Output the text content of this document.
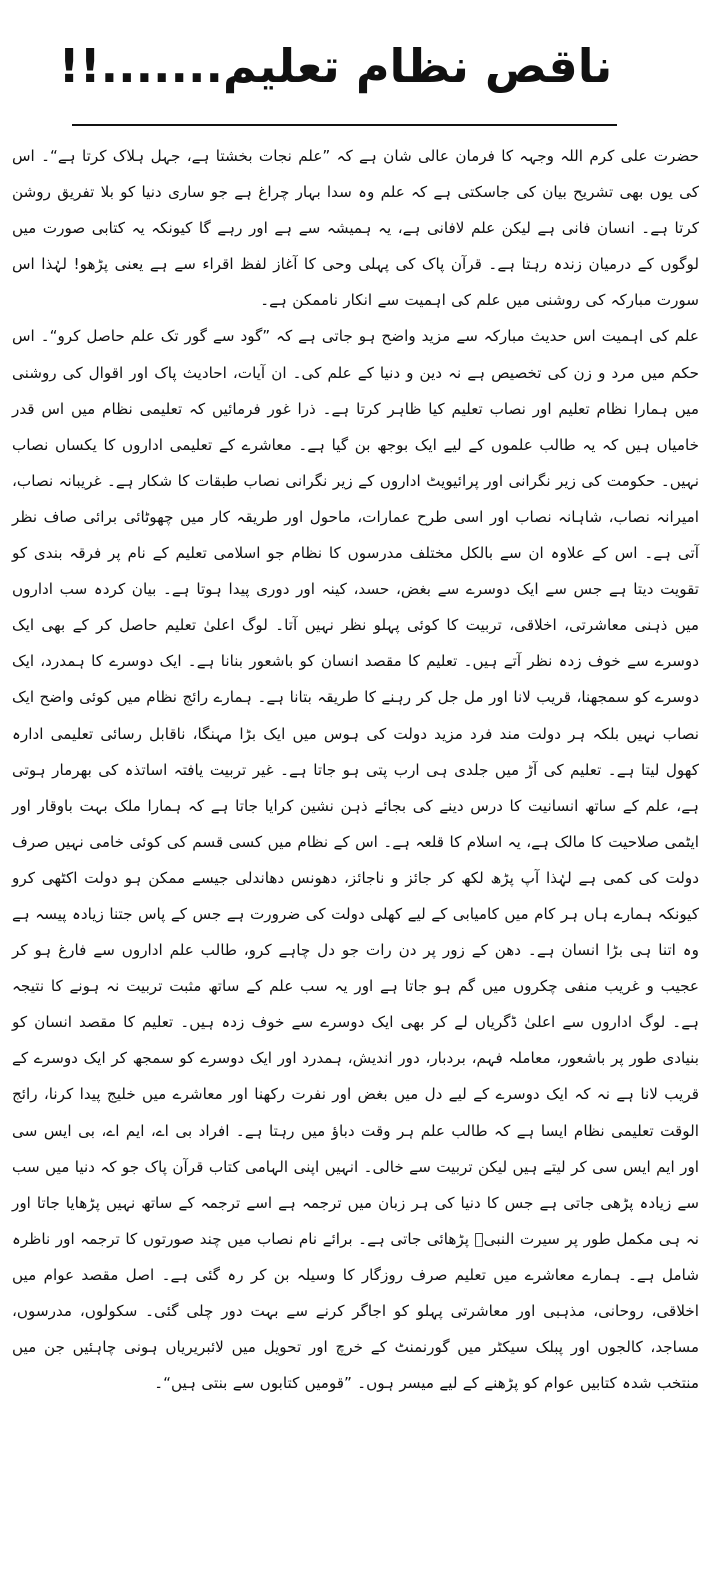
ناقص نظام تعلیم.......!!

حضرت علی کرم اللہ وجہہ کا فرمان عالی شان ہے کہ ”علم نجات بخشتا ہے، جہل ہلاک کرتا ہے“۔ اس کی یوں بھی تشریح بیان کی جاسکتی ہے کہ علم وہ سدا بہار چراغ ہے جو ساری دنیا کو بلا تفریق روشن کرتا ہے۔ انسان فانی ہے لیکن علم لافانی ہے، یہ ہمیشہ سے ہے اور رہے گا کیونکہ یہ کتابی صورت میں لوگوں کے درمیان زندہ رہتا ہے۔ قرآن پاک کی پہلی وحی کا آغاز لفظ اقراء سے ہے یعنی پڑھو! لہٰذا اس سورت مبارکہ کی روشنی میں علم کی اہمیت سے انکار ناممکن ہے۔

علم کی اہمیت اس حدیث مبارکہ سے مزید واضح ہو جاتی ہے کہ ”گود سے گور تک علم حاصل کرو“۔ اس حکم میں مرد و زن کی تخصیص ہے نہ دین و دنیا کے علم کی۔ ان آیات، احادیث پاک اور اقوال کی روشنی میں ہمارا نظام تعلیم اور نصاب تعلیم کیا ظاہر کرتا ہے۔ ذرا غور فرمائیں کہ تعلیمی نظام میں اس قدر خامیاں ہیں کہ یہ طالب علموں کے لیے ایک بوجھ بن گیا ہے۔ معاشرے کے تعلیمی اداروں کا یکساں نصاب نہیں۔ حکومت کی زیر نگرانی اور پرائیویٹ اداروں کے زیر نگرانی نصاب طبقات کا شکار ہے۔ غریبانہ نصاب، امیرانہ نصاب، شاہانہ نصاب اور اسی طرح عمارات، ماحول اور طریقہ کار میں چھوٹائی برائی صاف نظر آتی ہے۔ اس کے علاوہ ان سے بالکل مختلف مدرسوں کا نظام جو اسلامی تعلیم کے نام پر فرقہ بندی کو تقویت دیتا ہے جس سے ایک دوسرے سے بغض، حسد، کینہ اور دوری پیدا ہوتا ہے۔ بیان کردہ سب اداروں میں ذہنی معاشرتی، اخلاقی، تربیت کا کوئی پہلو نظر نہیں آتا۔ لوگ اعلیٰ تعلیم حاصل کر کے بھی ایک دوسرے سے خوف زدہ نظر آتے ہیں۔ تعلیم کا مقصد انسان کو باشعور بنانا ہے۔ ایک دوسرے کا ہمدرد، ایک دوسرے کو سمجھنا، قریب لانا اور مل جل کر رہنے کا طریقہ بتانا ہے۔ ہمارے رائج نظام میں کوئی واضح ایک نصاب نہیں بلکہ ہر دولت مند فرد مزید دولت کی ہوس میں ایک بڑا مہنگا، ناقابل رسائی تعلیمی ادارہ کھول لیتا ہے۔ تعلیم کی آڑ میں جلدی ہی ارب پتی ہو جاتا ہے۔ غیر تربیت یافتہ اساتذہ کی بھرمار ہوتی ہے، علم کے ساتھ انسانیت کا درس دینے کی بجائے ذہن نشین کرایا جاتا ہے کہ ہمارا ملک بہت باوقار اور ایٹمی صلاحیت کا مالک ہے، یہ اسلام کا قلعہ ہے۔ اس کے نظام میں کسی قسم کی کوئی خامی نہیں صرف دولت کی کمی ہے لہٰذا آپ پڑھ لکھ کر جائز و ناجائز، دھونس دھاندلی جیسے ممکن ہو دولت اکٹھی کرو کیونکہ ہمارے ہاں ہر کام میں کامیابی کے لیے کھلی دولت کی ضرورت ہے جس کے پاس جتنا زیادہ پیسہ ہے وہ اتنا ہی بڑا انسان ہے۔ دھن کے زور پر دن رات جو دل چاہے کرو، طالب علم اداروں سے فارغ ہو کر عجیب و غریب منفی چکروں میں گم ہو جاتا ہے اور یہ سب علم کے ساتھ مثبت تربیت نہ ہونے کا نتیجہ ہے۔ لوگ اداروں سے اعلیٰ ڈگریاں لے کر بھی ایک دوسرے سے خوف زدہ ہیں۔ تعلیم کا مقصد انسان کو بنیادی طور پر باشعور، معاملہ فہم، بردبار، دور اندیش، ہمدرد اور ایک دوسرے کو سمجھ کر ایک دوسرے کے قریب لانا ہے نہ کہ ایک دوسرے کے لیے دل میں بغض اور نفرت رکھنا اور معاشرے میں خلیج پیدا کرنا، رائج الوقت تعلیمی نظام ایسا ہے کہ طالب علم ہر وقت دباؤ میں رہتا ہے۔ افراد بی اے، ایم اے، بی ایس سی اور ایم ایس سی کر لیتے ہیں لیکن تربیت سے خالی۔ انہیں اپنی الہامی کتاب قرآن پاک جو کہ دنیا میں سب سے زیادہ پڑھی جاتی ہے جس کا دنیا کی ہر زبان میں ترجمہ ہے اسے ترجمہ کے ساتھ نہیں پڑھایا جاتا اور نہ ہی مکمل طور پر سیرت النبیؐ پڑھائی جاتی ہے۔ برائے نام نصاب میں چند صورتوں کا ترجمہ اور ناظرہ شامل ہے۔ ہمارے معاشرے میں تعلیم صرف روزگار کا وسیلہ بن کر رہ گئی ہے۔ اصل مقصد عوام میں اخلاقی، روحانی، مذہبی اور معاشرتی پہلو کو اجاگر کرنے سے بہت دور چلی گئی۔ سکولوں، مدرسوں، مساجد، کالجوں اور پبلک سیکٹر میں گورنمنٹ کے خرچ اور تحویل میں لائبریریاں ہونی چاہئیں جن میں منتخب شدہ کتابیں عوام کو پڑھنے کے لیے میسر ہوں۔ ”قومیں کتابوں سے بنتی ہیں“۔
